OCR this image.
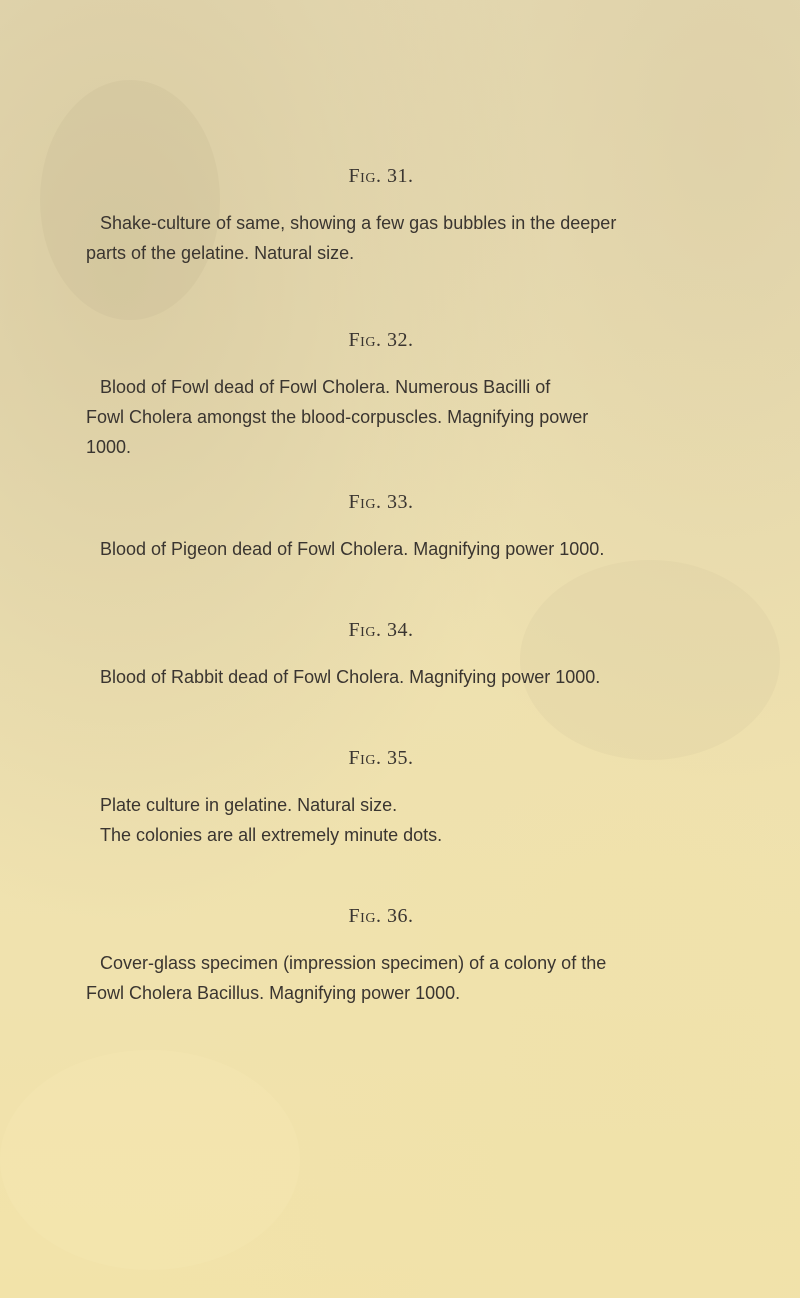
Fig. 31.

Shake-culture of same, showing a few gas bubbles in the deeper
parts of the gelatine. Natural size.

Fig. 32.

Blood of Fowl dead of Fowl Cholera. Numerous Bacilli of
Fowl Cholera amongst the blood-corpuscles. Magnifying power
1000.

Fig. 33.

Blood of Pigeon dead of Fowl Cholera. Magnifying power 1000.

Fig. 34.

Blood of Rabbit dead of Fowl Cholera. Magnifying power 1000.

Fig. 35.

Plate culture in gelatine. Natural size.
The colonies are all extremely minute dots.

Fig. 36.

Cover-glass specimen (impression specimen) of a colony of the
Fowl Cholera Bacillus. Magnifying power 1000.
